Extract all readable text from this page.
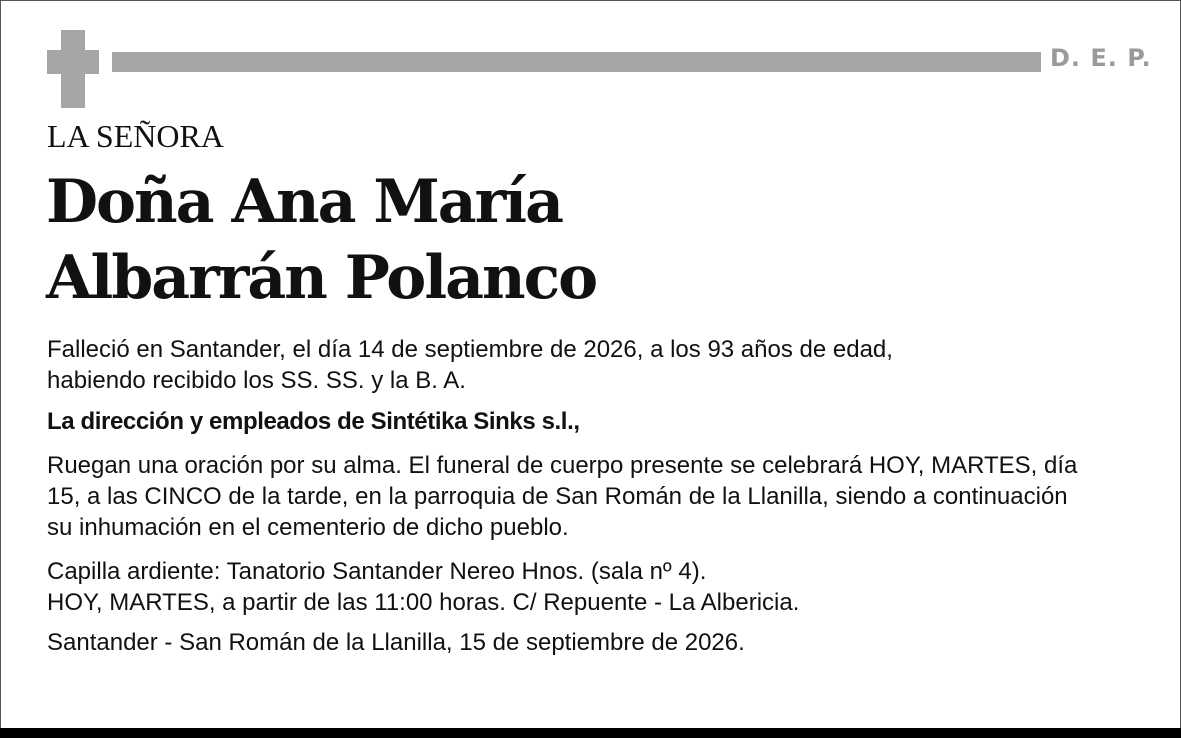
D. E. P.
LA SEÑORA
Doña Ana María
Albarrán Polanco
Falleció en Santander, el día 14 de septiembre de 2026, a los 93 años de edad,
habiendo recibido los SS. SS. y la B. A.
La dirección y empleados de Sintétika Sinks s.l.,
Ruegan una oración por su alma. El funeral de cuerpo presente se celebrará HOY, MARTES, día
15, a las CINCO de la tarde, en la parroquia de San Román de la Llanilla, siendo a continuación
su inhumación en el cementerio de dicho pueblo.
Capilla ardiente: Tanatorio Santander Nereo Hnos. (sala nº 4).
HOY, MARTES, a partir de las 11:00 horas. C/ Repuente - La Albericia.
Santander - San Román de la Llanilla, 15 de septiembre de 2026.
